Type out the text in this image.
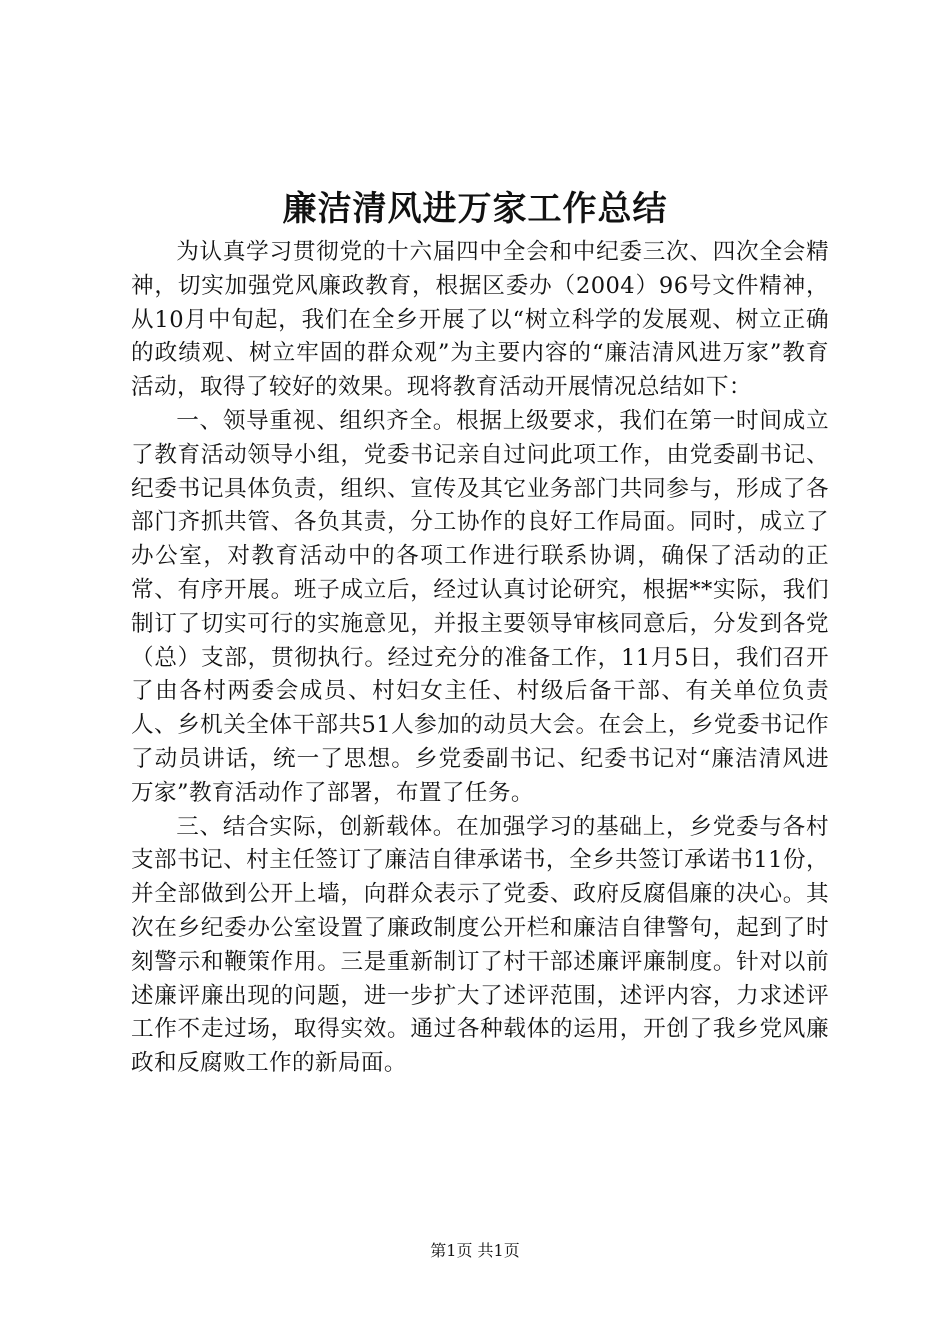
廉洁清风进万家工作总结

为认真学习贯彻党的十六届四中全会和中纪委三次、四次全会精神，切实加强党风廉政教育，根据区委办（2004）96号文件精神，从10月中旬起，我们在全乡开展了以“树立科学的发展观、树立正确的政绩观、树立牢固的群众观”为主要内容的“廉洁清风进万家”教育活动，取得了较好的效果。现将教育活动开展情况总结如下：

一、领导重视、组织齐全。根据上级要求，我们在第一时间成立了教育活动领导小组，党委书记亲自过问此项工作，由党委副书记、纪委书记具体负责，组织、宣传及其它业务部门共同参与，形成了各部门齐抓共管、各负其责，分工协作的良好工作局面。同时，成立了办公室，对教育活动中的各项工作进行联系协调，确保了活动的正常、有序开展。班子成立后，经过认真讨论研究，根据**实际，我们制订了切实可行的实施意见，并报主要领导审核同意后，分发到各党（总）支部，贯彻执行。经过充分的准备工作，11月5日，我们召开了由各村两委会成员、村妇女主任、村级后备干部、有关单位负责人、乡机关全体干部共51人参加的动员大会。在会上，乡党委书记作了动员讲话，统一了思想。乡党委副书记、纪委书记对“廉洁清风进万家”教育活动作了部署，布置了任务。

三、结合实际，创新载体。在加强学习的基础上，乡党委与各村支部书记、村主任签订了廉洁自律承诺书，全乡共签订承诺书11份，并全部做到公开上墙，向群众表示了党委、政府反腐倡廉的决心。其次在乡纪委办公室设置了廉政制度公开栏和廉洁自律警句，起到了时刻警示和鞭策作用。三是重新制订了村干部述廉评廉制度。针对以前述廉评廉出现的问题，进一步扩大了述评范围，述评内容，力求述评工作不走过场，取得实效。通过各种载体的运用，开创了我乡党风廉政和反腐败工作的新局面。

第1页 共1页
